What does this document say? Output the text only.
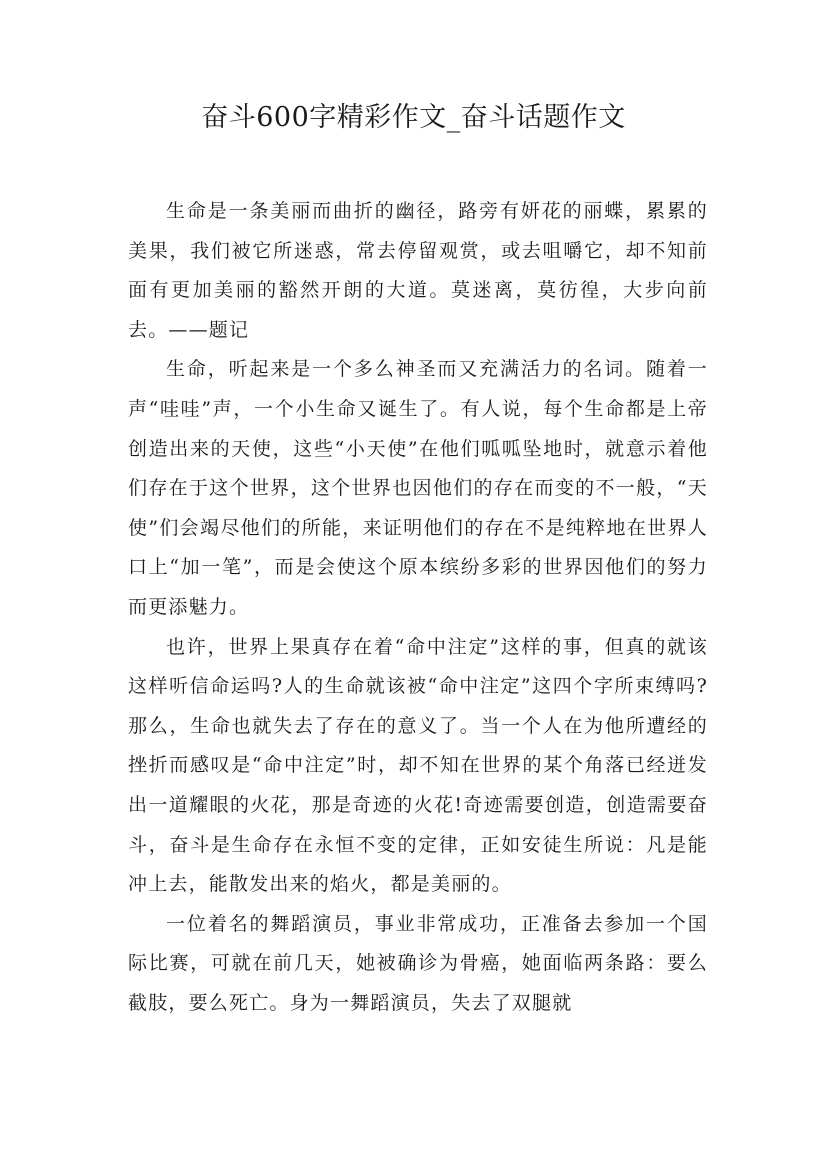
奋斗600字精彩作文_奋斗话题作文

生命是一条美丽而曲折的幽径，路旁有妍花的丽蝶，累累的美果，我们被它所迷惑，常去停留观赏，或去咀嚼它，却不知前面有更加美丽的豁然开朗的大道。莫迷离，莫彷徨，大步向前去。——题记

生命，听起来是一个多么神圣而又充满活力的名词。随着一声“哇哇”声，一个小生命又诞生了。有人说，每个生命都是上帝创造出来的天使，这些“小天使”在他们呱呱坠地时，就意示着他们存在于这个世界，这个世界也因他们的存在而变的不一般，“天使”们会竭尽他们的所能，来证明他们的存在不是纯粹地在世界人口上“加一笔”，而是会使这个原本缤纷多彩的世界因他们的努力而更添魅力。

也许，世界上果真存在着“命中注定”这样的事，但真的就该这样听信命运吗?人的生命就该被“命中注定”这四个字所束缚吗?那么，生命也就失去了存在的意义了。当一个人在为他所遭经的挫折而感叹是“命中注定”时，却不知在世界的某个角落已经迸发出一道耀眼的火花，那是奇迹的火花!奇迹需要创造，创造需要奋斗，奋斗是生命存在永恒不变的定律，正如安徒生所说：凡是能冲上去，能散发出来的焰火，都是美丽的。

一位着名的舞蹈演员，事业非常成功，正准备去参加一个国际比赛，可就在前几天，她被确诊为骨癌，她面临两条路：要么截肢，要么死亡。身为一舞蹈演员，失去了双腿就
